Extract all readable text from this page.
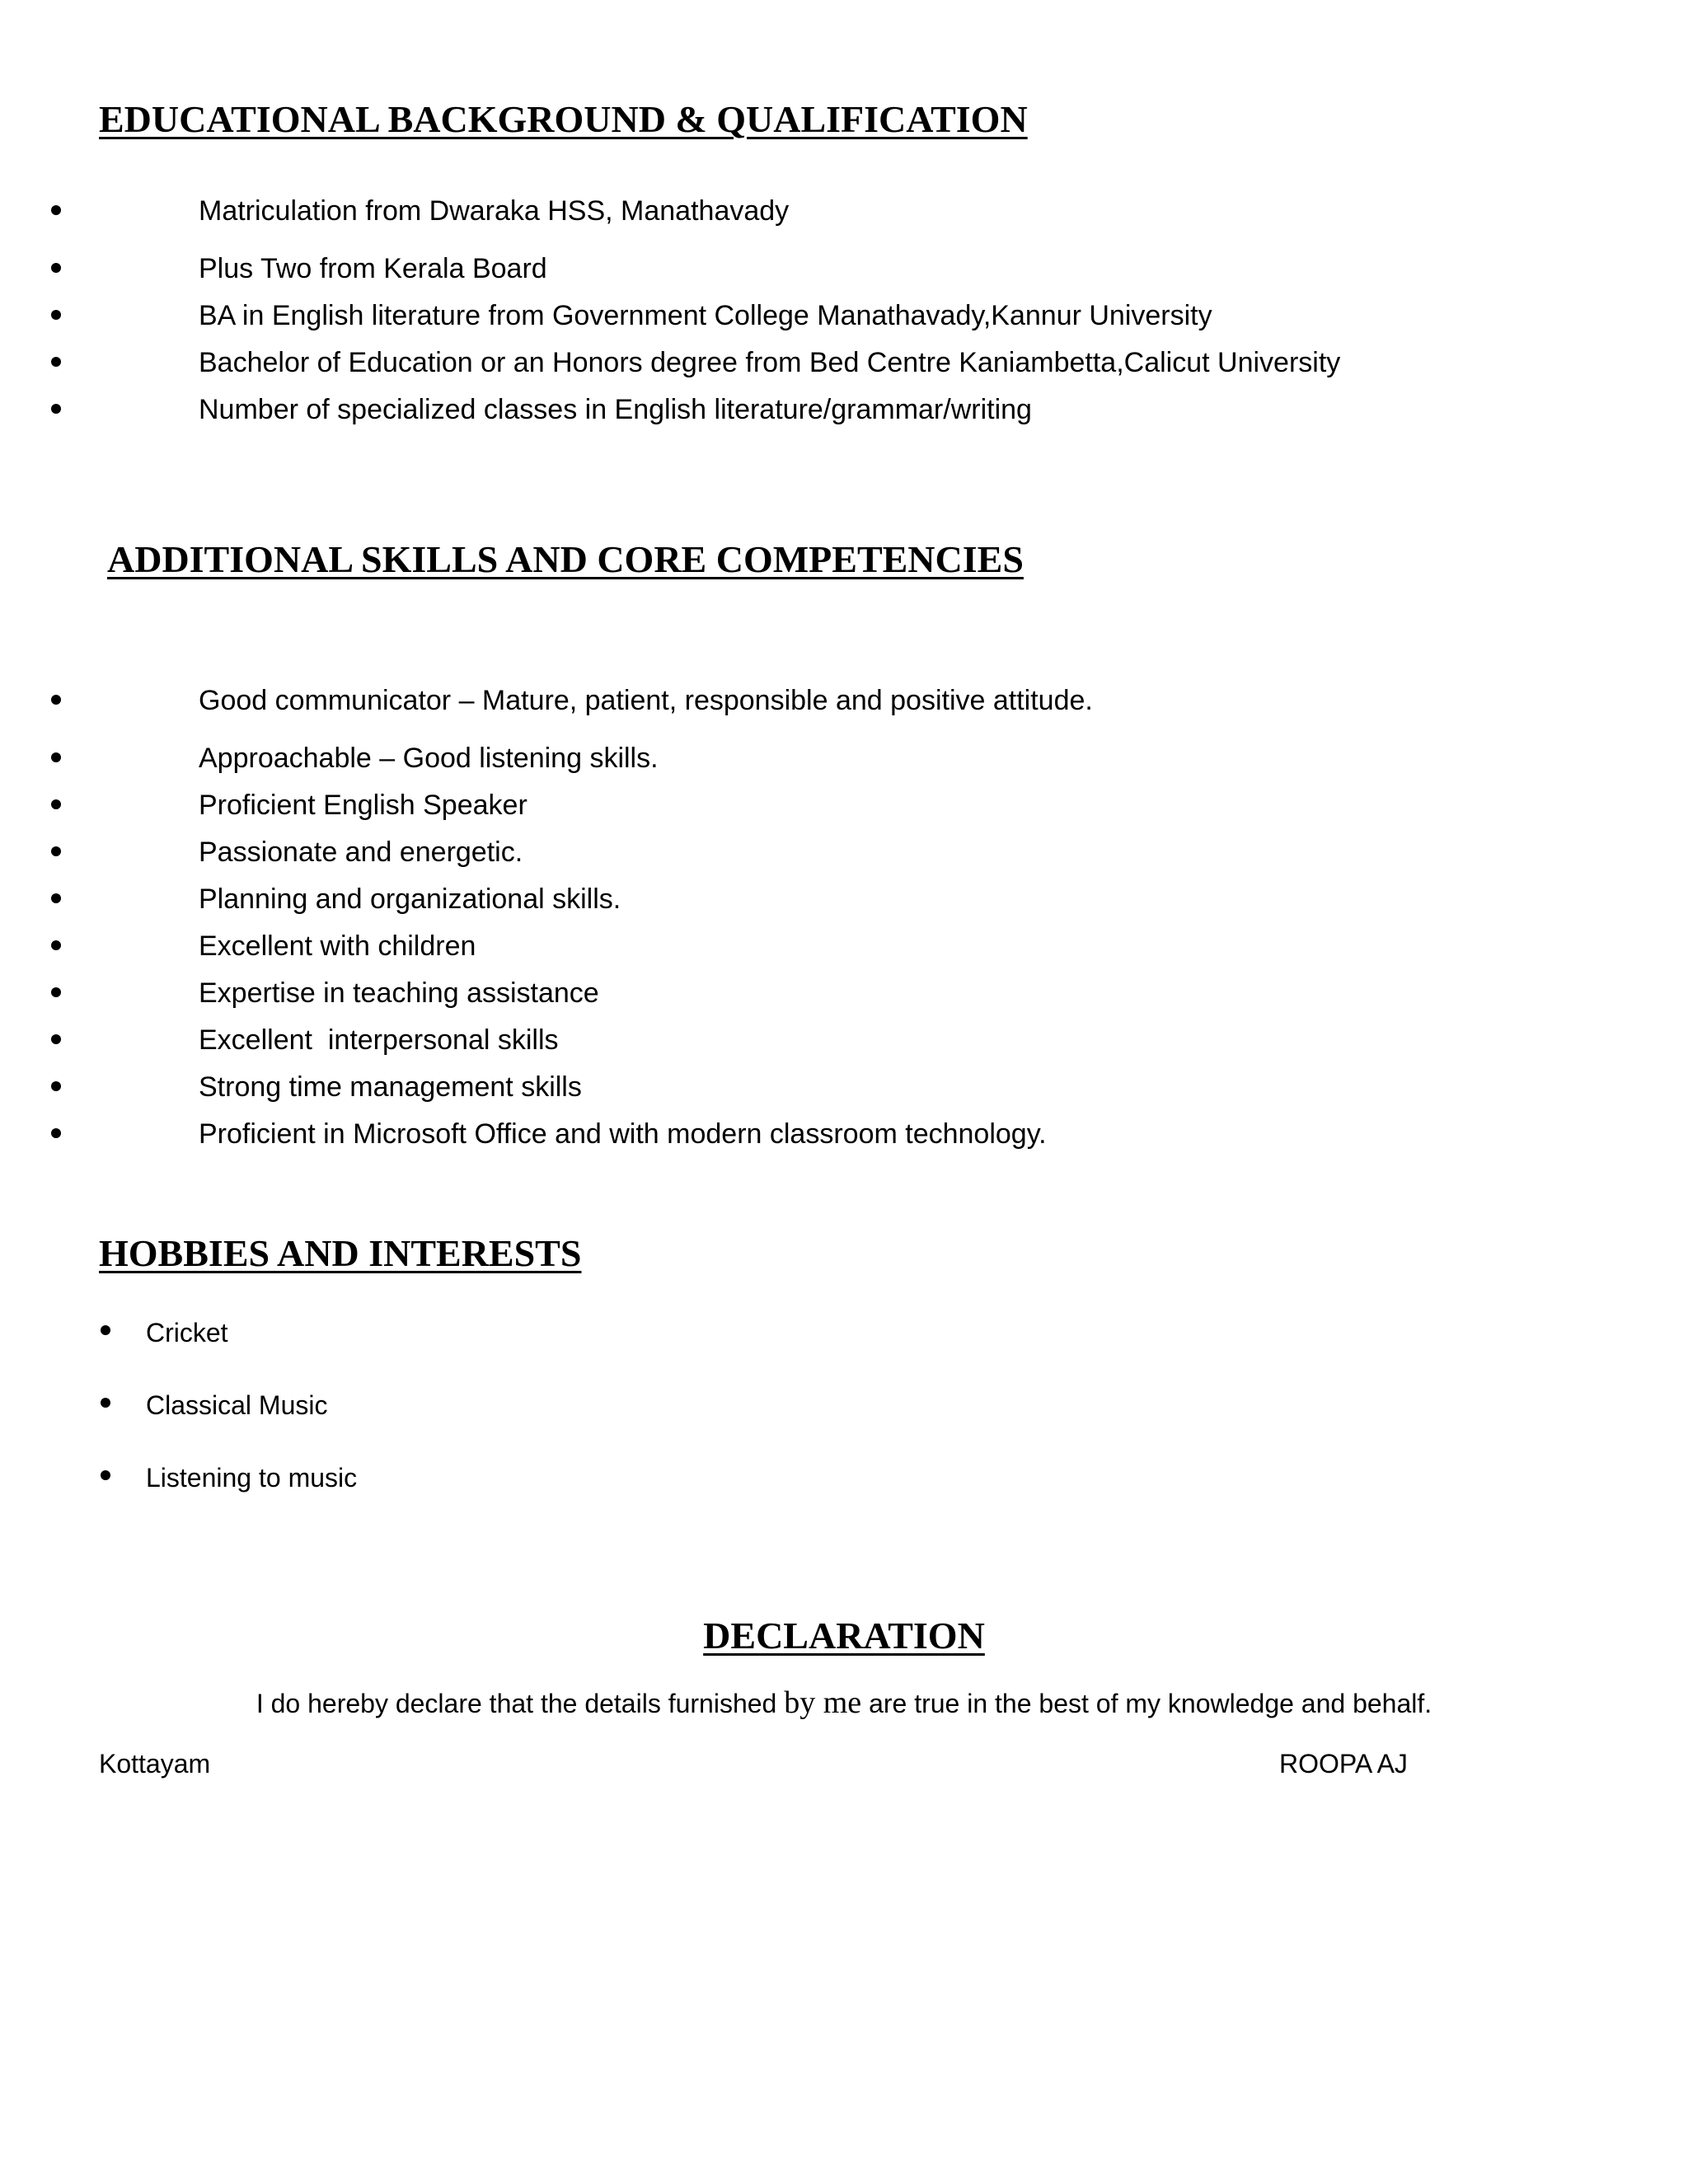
EDUCATIONAL BACKGROUND & QUALIFICATION
Matriculation from Dwaraka HSS, Manathavady
Plus Two from Kerala Board
BA in English literature from Government College Manathavady,Kannur University
Bachelor of Education or an Honors degree from Bed Centre Kaniambetta,Calicut University
Number of specialized classes in English literature/grammar/writing
ADDITIONAL SKILLS AND CORE COMPETENCIES
Good communicator – Mature, patient, responsible and positive attitude.
Approachable – Good listening skills.
Proficient English Speaker
Passionate and energetic.
Planning and organizational skills.
Excellent with children
Expertise in teaching assistance
Excellent  interpersonal skills
Strong time management skills
Proficient in Microsoft Office and with modern classroom technology.
HOBBIES AND INTERESTS
Cricket
Classical Music
Listening to music
DECLARATION

I do hereby declare that the details furnished by me are true in the best of my knowledge and behalf.

Kottayam	ROOPA AJ
